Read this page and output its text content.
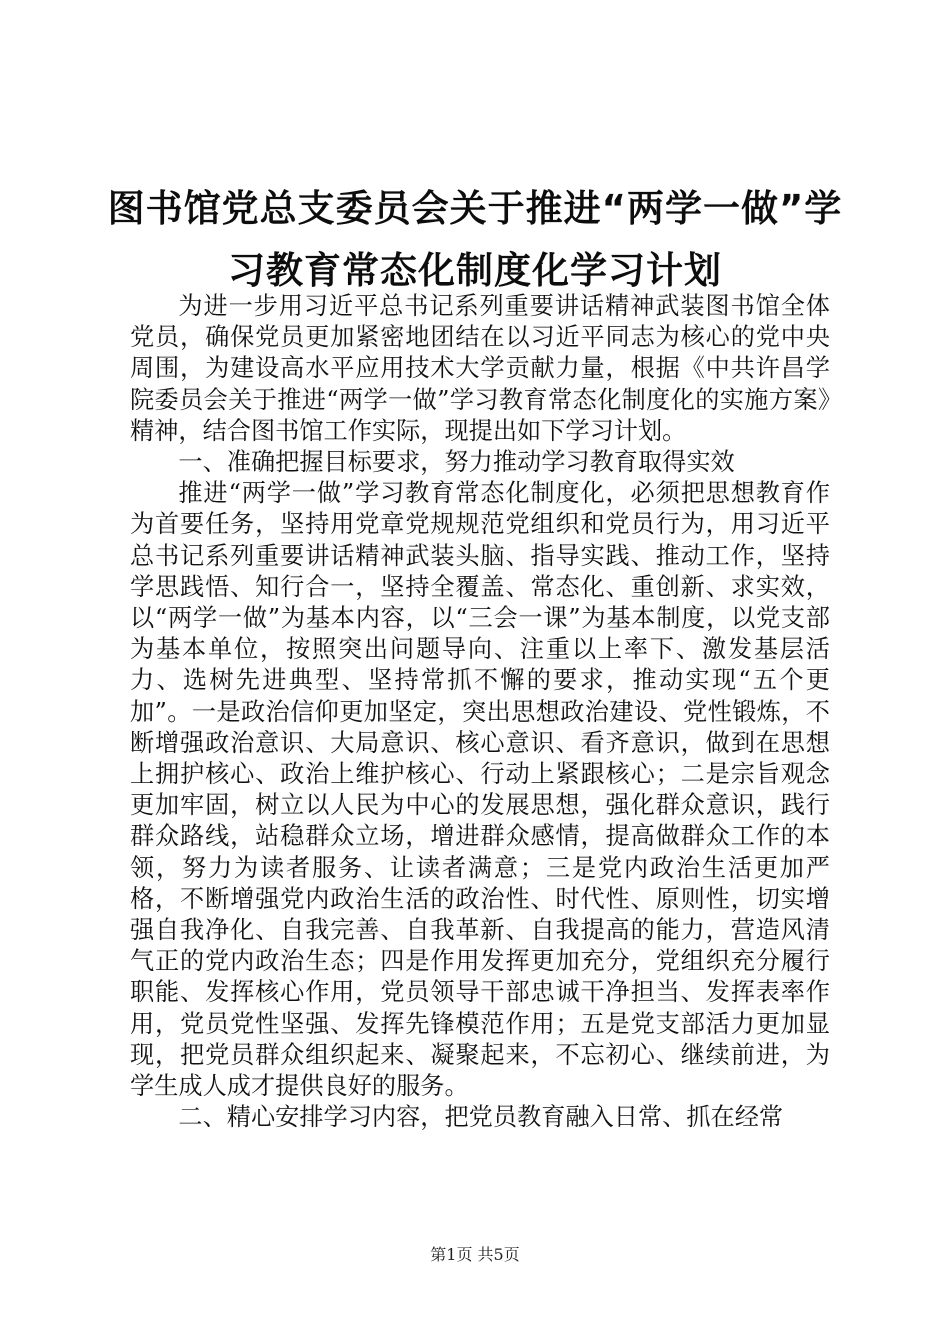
图书馆党总支委员会关于推进“两学一做”学习教育常态化制度化学习计划

为进一步用习近平总书记系列重要讲话精神武装图书馆全体党员，确保党员更加紧密地团结在以习近平同志为核心的党中央周围，为建设高水平应用技术大学贡献力量，根据《中共许昌学院委员会关于推进“两学一做”学习教育常态化制度化的实施方案》精神，结合图书馆工作实际，现提出如下学习计划。

一、准确把握目标要求，努力推动学习教育取得实效

推进“两学一做”学习教育常态化制度化，必须把思想教育作为首要任务，坚持用党章党规规范党组织和党员行为，用习近平总书记系列重要讲话精神武装头脑、指导实践、推动工作，坚持学思践悟、知行合一，坚持全覆盖、常态化、重创新、求实效，以“两学一做”为基本内容，以“三会一课”为基本制度，以党支部为基本单位，按照突出问题导向、注重以上率下、激发基层活力、选树先进典型、坚持常抓不懈的要求，推动实现“五个更加”。一是政治信仰更加坚定，突出思想政治建设、党性锻炼，不断增强政治意识、大局意识、核心意识、看齐意识，做到在思想上拥护核心、政治上维护核心、行动上紧跟核心；二是宗旨观念更加牢固，树立以人民为中心的发展思想，强化群众意识，践行群众路线，站稳群众立场，增进群众感情，提高做群众工作的本领，努力为读者服务、让读者满意；三是党内政治生活更加严格，不断增强党内政治生活的政治性、时代性、原则性，切实增强自我净化、自我完善、自我革新、自我提高的能力，营造风清气正的党内政治生态；四是作用发挥更加充分，党组织充分履行职能、发挥核心作用，党员领导干部忠诚干净担当、发挥表率作用，党员党性坚强、发挥先锋模范作用；五是党支部活力更加显现，把党员群众组织起来、凝聚起来，不忘初心、继续前进，为学生成人成才提供良好的服务。

二、精心安排学习内容，把党员教育融入日常、抓在经常

第1页 共5页
